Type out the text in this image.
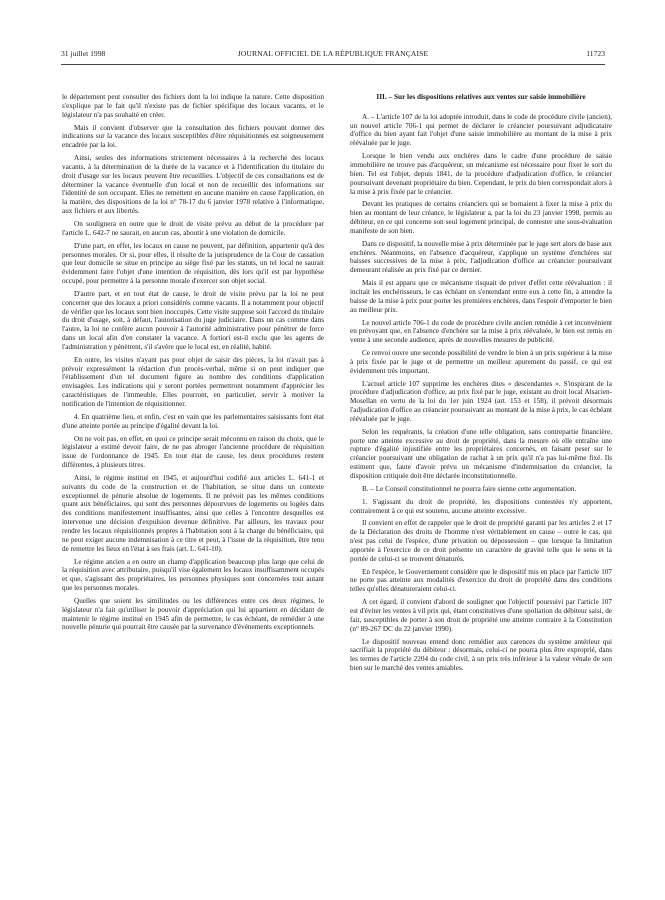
31 juillet 1998	JOURNAL OFFICIEL DE LA RÉPUBLIQUE FRANÇAISE	11723

le département peut consulter des fichiers dont la loi indique la nature. Cette disposition s'explique par le fait qu'il n'existe pas de fichier spécifique des locaux vacants, et le législateur n'a pas souhaité en créer.

Mais il convient d'observer que la consultation des fichiers pouvant donner des indications sur la vacance des locaux susceptibles d'être réquisitionnés est soigneusement encadrée par la loi.

Ainsi, seules des informations strictement nécessaires à la recherche des locaux vacants, à la détermination de la durée de la vacance et à l'identification du titulaire du droit d'usage sur les locaux peuvent être recueillies. L'objectif de ces consultations est de déterminer la vacance éventuelle d'un local et non de recueillir des informations sur l'identité de son occupant. Elles ne remettent en aucune manière en cause l'application, en la matière, des dispositions de la loi n° 78-17 du 6 janvier 1978 relative à l'informatique, aux fichiers et aux libertés.

On soulignera en outre que le droit de visite prévu au début de la procédure par l'article L. 642-7 ne saurait, en aucun cas, aboutir à une violation de domicile.

D'une part, en effet, les locaux en cause ne peuvent, par définition, appartenir qu'à des personnes morales. Or si, pour elles, il résulte de la jurisprudence de la Cour de cassation que leur domicile se situe en principe au siège fixé par les statuts, un tel local ne saurait évidemment faire l'objet d'une intention de réquisition, dès lors qu'il est par hypothèse occupé, pour permettre à la personne morale d'exercer son objet social.

D'autre part, et en tout état de cause, le droit de visite prévu par la loi ne peut concerner que des locaux a priori considérés comme vacants. Il a notamment pour objectif de vérifier que les locaux sont bien inoccupés. Cette visite suppose soit l'accord du titulaire du droit d'usage, soit, à défaut, l'autorisation du juge judiciaire. Dans un cas comme dans l'autre, la loi ne confère aucun pouvoir à l'autorité administrative pour pénétrer de force dans un local afin d'en constater la vacance. A fortiori est-il exclu que les agents de l'administration y pénètrent, s'il s'avère que le local est, en réalité, habité.

En outre, les visites n'ayant pas pour objet de saisir des pièces, la loi n'avait pas à prévoir expressément la rédaction d'un procès-verbal, même si on peut indiquer que l'établissement d'un tel document figure au nombre des conditions d'application envisagées. Les indications qui y seront portées permettront notamment d'apprécier les caractéristiques de l'immeuble. Elles pourront, en particulier, servir à motiver la notification de l'intention de réquisitionner.

4. En quatrième lieu, et enfin, c'est en vain que les parlementaires saisissants font état d'une atteinte portée au principe d'égalité devant la loi.

On ne voit pas, en effet, en quoi ce principe serait méconnu en raison du choix, que le législateur a estimé devoir faire, de ne pas abroger l'ancienne procédure de réquisition issue de l'ordonnance de 1945. En tout état de cause, les deux procédures restent différentes, à plusieurs titres.

Ainsi, le régime institué en 1945, et aujourd'hui codifié aux articles L. 641-1 et suivants du code de la construction et de l'habitation, se situe dans un contexte exceptionnel de pénurie absolue de logements. Il ne prévoit pas les mêmes conditions quant aux bénéficiaires, qui sont des personnes dépourvues de logements ou logées dans des conditions manifestement insuffisantes, ainsi que celles à l'encontre desquelles est intervenue une décision d'expulsion devenue définitive. Par ailleurs, les travaux pour rendre les locaux réquisitionnés propres à l'habitation sont à la charge du bénéficiaire, qui ne peut exiger aucune indemnisation à ce titre et peut, à l'issue de la réquisition, être tenu de remettre les lieux en l'état à ses frais (art. L. 641-10).

Le régime ancien a en outre un champ d'application beaucoup plus large que celui de la réquisition avec attributaire, puisqu'il vise également les locaux insuffisamment occupés et que, s'agissant des propriétaires, les personnes physiques sont concernées tout autant que les personnes morales.

Quelles que soient les similitudes ou les différences entre ces deux régimes, le législateur n'a fait qu'utiliser le pouvoir d'appréciation qui lui appartient en décidant de maintenir le régime institué en 1945 afin de permettre, le cas échéant, de remédier à une nouvelle pénurie qui pourrait être causée par la survenance d'événements exceptionnels.

III. – Sur les dispositions relatives aux ventes sur saisie immobilière

A. – L'article 107 de la loi adoptée introduit, dans le code de procédure civile (ancien), un nouvel article 706-1 qui permet de déclarer le créancier poursuivant adjudicataire d'office du bien ayant fait l'objet d'une saisie immobilière au montant de la mise à prix réévaluée par le juge.

Lorsque le bien vendu aux enchères dans le cadre d'une procédure de saisie immobilière ne trouve pas d'acquéreur, un mécanisme est nécessaire pour fixer le sort du bien. Tel est l'objet, depuis 1841, de la procédure d'adjudication d'office, le créancier poursuivant devenant propriétaire du bien. Cependant, le prix du bien correspondait alors à la mise à prix fixée par le créancier.

Devant les pratiques de certains créanciers qui se bornaient à fixer la mise à prix du bien au montant de leur créance, le législateur a, par la loi du 23 janvier 1998, permis au débiteur, en ce qui concerne son seul logement principal, de contester une sous-évaluation manifeste de son bien.

Dans ce dispositif, la nouvelle mise à prix déterminée par le juge sert alors de base aux enchères. Néanmoins, en l'absence d'acquéreur, s'applique un système d'enchères sur baisses successives de la mise à prix, l'adjudication d'office au créancier poursuivant demeurant réalisée au prix fixé par ce dernier.

Mais il est apparu que ce mécanisme risquait de priver d'effet cette réévaluation : il incitait les enchérisseurs, le cas échéant en s'entendant entre eux à cette fin, à attendre la baisse de la mise à prix pour porter les premières enchères, dans l'espoir d'emporter le bien au meilleur prix.

Le nouvel article 706-1 du code de procédure civile ancien remédie à cet inconvénient en prévoyant que, en l'absence d'enchère sur la mise à prix réévaluée, le bien est remis en vente à une seconde audience, après de nouvelles mesures de publicité.

Ce renvoi ouvre une seconde possibilité de vendre le bien à un prix supérieur à la mise à prix fixée par le juge et de permettre un meilleur apurement du passif, ce qui est évidemment très important.

L'actuel article 107 supprime les enchères dites « descendantes ». S'inspirant de la procédure d'adjudication d'office, au prix fixé par le juge, existant au droit local Alsacien-Mosellan en vertu de la loi du 1er juin 1924 (art. 153 et 158), il prévoit désormais l'adjudication d'office au créancier poursuivant au montant de la mise à prix, le cas échéant réévaluée par le juge.

Selon les requérants, la création d'une telle obligation, sans contrepartie financière, porte une atteinte excessive au droit de propriété, dans la mesure où elle entraîne une rupture d'égalité injustifiée entre les propriétaires concernés, en faisant peser sur le créancier poursuivant une obligation de rachat à un prix qu'il n'a pas lui-même fixé. Ils estiment que, faute d'avoir prévu un mécanisme d'indemnisation du créancier, la disposition critiquée doit être déclarée inconstitutionnelle.

B. – Le Conseil constitutionnel ne pourra faire sienne cette argumentation.

1. S'agissant du droit de propriété, les dispositions contestées n'y apportent, contrairement à ce qui est soutenu, aucune atteinte excessive.

Il convient en effet de rappeler que le droit de propriété garanti par les articles 2 et 17 de la Déclaration des droits de l'homme n'est véritablement en cause – outre le cas, qui n'est pas celui de l'espèce, d'une privation ou dépossession – que lorsque la limitation apportée à l'exercice de ce droit présente un caractère de gravité telle que le sens et la portée de celui-ci se trouvent dénaturés.

En l'espèce, le Gouvernement considère que le dispositif mis en place par l'article 107 ne porte pas atteinte aux modalités d'exercice du droit de propriété dans des conditions telles qu'elles dénatureraient celui-ci.

A cet égard, il convient d'abord de souligner que l'objectif poursuivi par l'article 107 est d'éviter les ventes à vil prix qui, étant constitutives d'une spoliation du débiteur saisi, de fait, susceptibles de porter à son droit de propriété une atteinte contraire à la Constitution (n° 89-267 DC du 22 janvier 1990).

Le dispositif nouveau entend donc remédier aux carences du système antérieur qui sacrifiait la propriété du débiteur : désormais, celui-ci ne pourra plus être exproprié, dans les termes de l'article 2204 du code civil, à un prix très inférieur à la valeur vénale de son bien sur le marché des ventes amiables.
